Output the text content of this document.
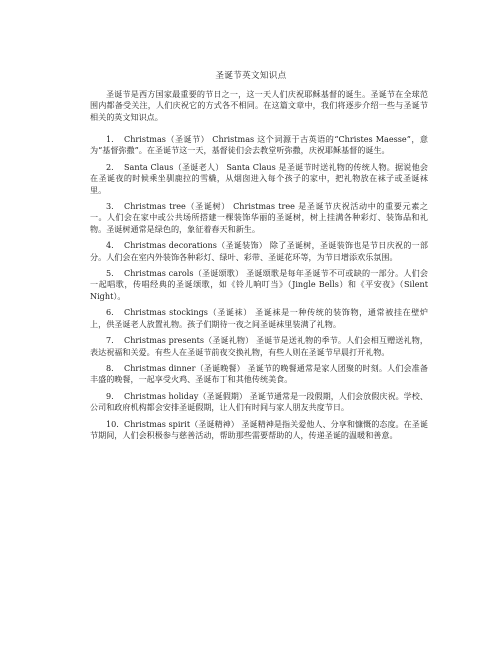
圣诞节英文知识点

圣诞节是西方国家最重要的节日之一，这一天人们庆祝耶稣基督的诞生。圣诞节在全球范围内都备受关注，人们庆祝它的方式各不相同。在这篇文章中，我们将逐步介绍一些与圣诞节相关的英文知识点。

1. Christmas（圣诞节） Christmas 这个词源于古英语的“Christes Maesse”，意为“基督弥撒”。在圣诞节这一天，基督徒们会去教堂听弥撒，庆祝耶稣基督的诞生。

2. Santa Claus（圣诞老人） Santa Claus 是圣诞节时送礼物的传统人物。据说他会在圣诞夜的时候乘坐驯鹿拉的雪橇，从烟囱进入每个孩子的家中，把礼物放在袜子或圣诞袜里。

3. Christmas tree（圣诞树） Christmas tree 是圣诞节庆祝活动中的重要元素之一。人们会在家中或公共场所搭建一棵装饰华丽的圣诞树，树上挂满各种彩灯、装饰品和礼物。圣诞树通常是绿色的，象征着春天和新生。

4. Christmas decorations（圣诞装饰） 除了圣诞树，圣诞装饰也是节日庆祝的一部分。人们会在室内外装饰各种彩灯、绿叶、彩带、圣诞花环等，为节日增添欢乐氛围。

5. Christmas carols（圣诞颂歌） 圣诞颂歌是每年圣诞节不可或缺的一部分。人们会一起唱歌，传唱经典的圣诞颂歌，如《铃儿响叮当》（Jingle Bells）和《平安夜》（Silent Night）。

6. Christmas stockings（圣诞袜） 圣诞袜是一种传统的装饰物，通常被挂在壁炉上，供圣诞老人放置礼物。孩子们期待一夜之间圣诞袜里装满了礼物。

7. Christmas presents（圣诞礼物） 圣诞节是送礼物的季节。人们会相互赠送礼物，表达祝福和关爱。有些人在圣诞节前夜交换礼物，有些人则在圣诞节早晨打开礼物。

8. Christmas dinner（圣诞晚餐） 圣诞节的晚餐通常是家人团聚的时刻。人们会准备丰盛的晚餐，一起享受火鸡、圣诞布丁和其他传统美食。

9. Christmas holiday（圣诞假期） 圣诞节通常是一段假期，人们会放假庆祝。学校、公司和政府机构都会安排圣诞假期，让人们有时间与家人朋友共度节日。

10. Christmas spirit（圣诞精神） 圣诞精神是指关爱他人、分享和慷慨的态度。在圣诞节期间，人们会积极参与慈善活动，帮助那些需要帮助的人，传递圣诞的温暖和善意。
